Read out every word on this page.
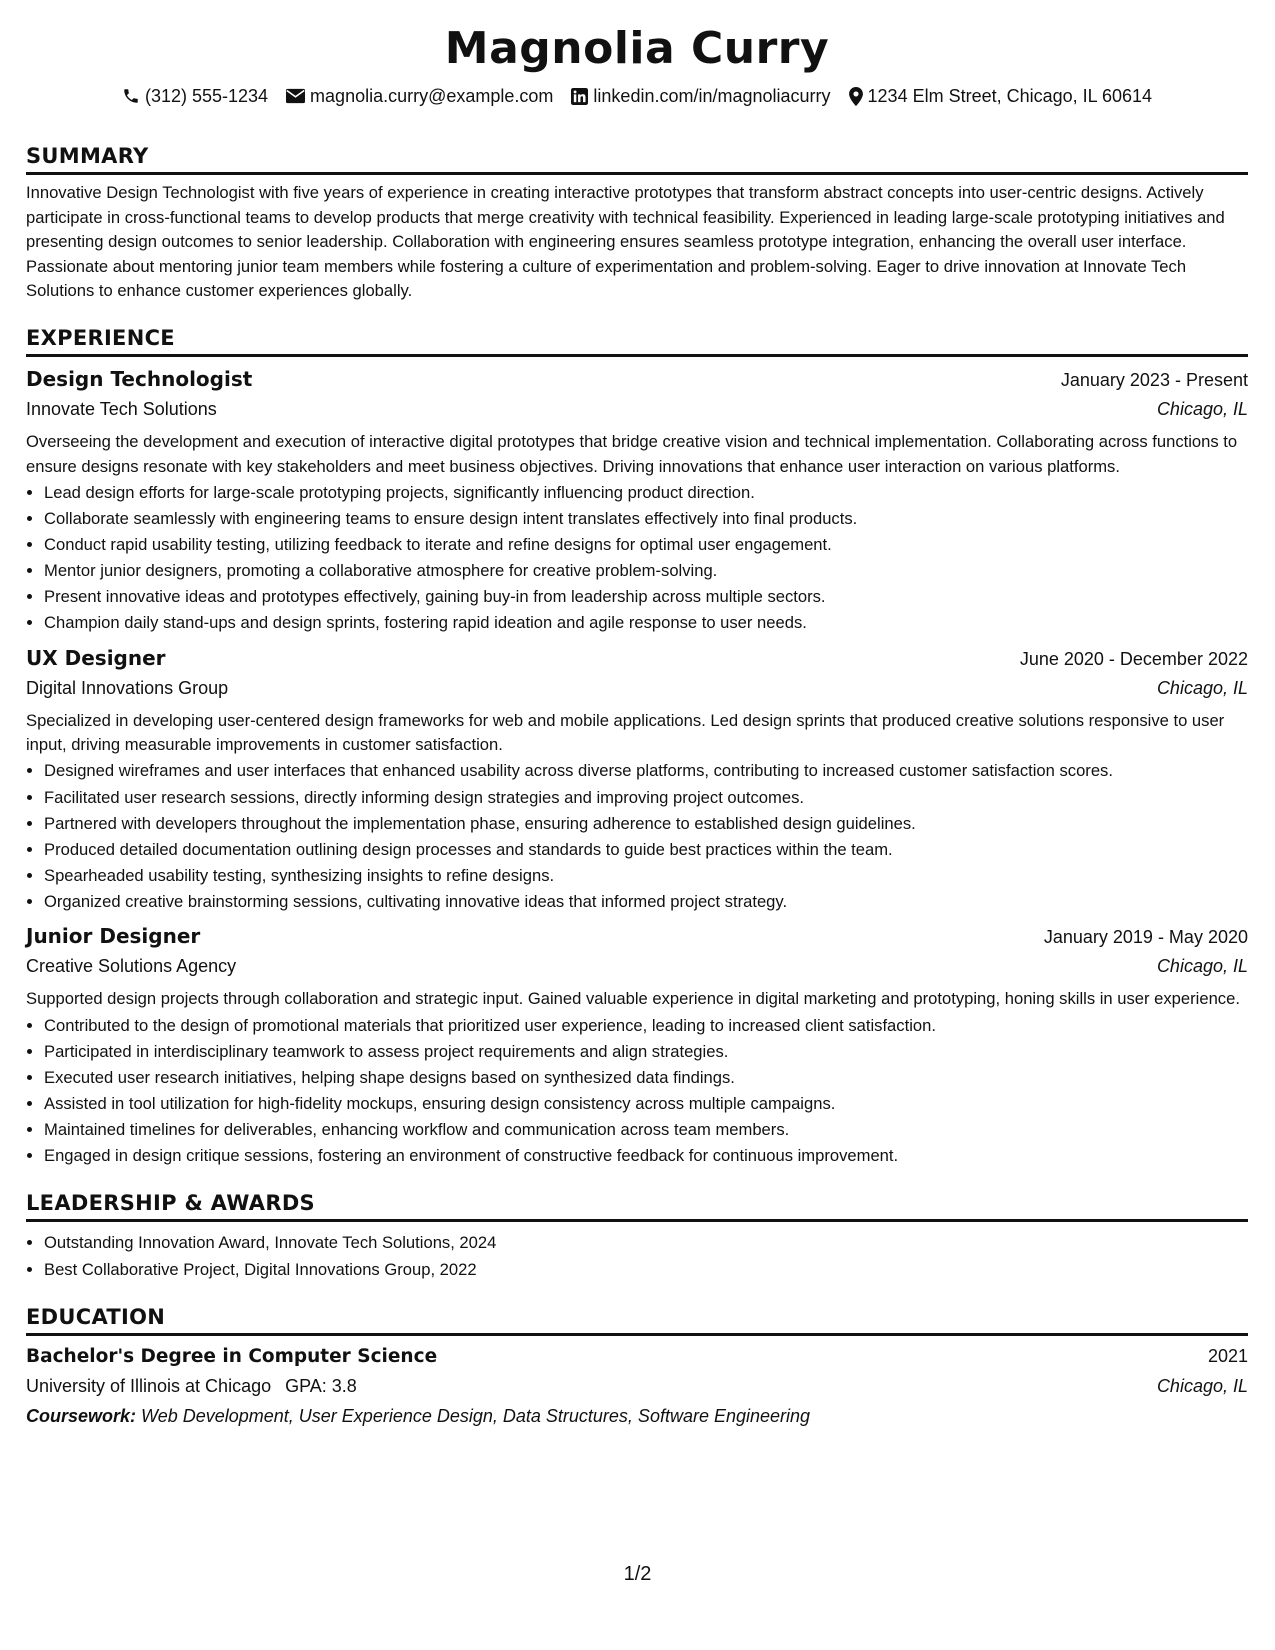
Magnolia Curry
(312) 555-1234 magnolia.curry@example.com linkedin.com/in/magnoliacurry 1234 Elm Street, Chicago, IL 60614
SUMMARY
Innovative Design Technologist with five years of experience in creating interactive prototypes that transform abstract concepts into user-centric designs. Actively participate in cross-functional teams to develop products that merge creativity with technical feasibility. Experienced in leading large-scale prototyping initiatives and presenting design outcomes to senior leadership. Collaboration with engineering ensures seamless prototype integration, enhancing the overall user interface. Passionate about mentoring junior team members while fostering a culture of experimentation and problem-solving. Eager to drive innovation at Innovate Tech Solutions to enhance customer experiences globally.
EXPERIENCE
Design Technologist	January 2023 - Present
Innovate Tech Solutions	Chicago, IL
Overseeing the development and execution of interactive digital prototypes that bridge creative vision and technical implementation. Collaborating across functions to ensure designs resonate with key stakeholders and meet business objectives. Driving innovations that enhance user interaction on various platforms.
• Lead design efforts for large-scale prototyping projects, significantly influencing product direction.
• Collaborate seamlessly with engineering teams to ensure design intent translates effectively into final products.
• Conduct rapid usability testing, utilizing feedback to iterate and refine designs for optimal user engagement.
• Mentor junior designers, promoting a collaborative atmosphere for creative problem-solving.
• Present innovative ideas and prototypes effectively, gaining buy-in from leadership across multiple sectors.
• Champion daily stand-ups and design sprints, fostering rapid ideation and agile response to user needs.
UX Designer	June 2020 - December 2022
Digital Innovations Group	Chicago, IL
Specialized in developing user-centered design frameworks for web and mobile applications. Led design sprints that produced creative solutions responsive to user input, driving measurable improvements in customer satisfaction.
• Designed wireframes and user interfaces that enhanced usability across diverse platforms, contributing to increased customer satisfaction scores.
• Facilitated user research sessions, directly informing design strategies and improving project outcomes.
• Partnered with developers throughout the implementation phase, ensuring adherence to established design guidelines.
• Produced detailed documentation outlining design processes and standards to guide best practices within the team.
• Spearheaded usability testing, synthesizing insights to refine designs.
• Organized creative brainstorming sessions, cultivating innovative ideas that informed project strategy.
Junior Designer	January 2019 - May 2020
Creative Solutions Agency	Chicago, IL
Supported design projects through collaboration and strategic input. Gained valuable experience in digital marketing and prototyping, honing skills in user experience.
• Contributed to the design of promotional materials that prioritized user experience, leading to increased client satisfaction.
• Participated in interdisciplinary teamwork to assess project requirements and align strategies.
• Executed user research initiatives, helping shape designs based on synthesized data findings.
• Assisted in tool utilization for high-fidelity mockups, ensuring design consistency across multiple campaigns.
• Maintained timelines for deliverables, enhancing workflow and communication across team members.
• Engaged in design critique sessions, fostering an environment of constructive feedback for continuous improvement.
LEADERSHIP & AWARDS
• Outstanding Innovation Award, Innovate Tech Solutions, 2024
• Best Collaborative Project, Digital Innovations Group, 2022
EDUCATION
Bachelor's Degree in Computer Science	2021
University of Illinois at Chicago GPA: 3.8	Chicago, IL
Coursework: Web Development, User Experience Design, Data Structures, Software Engineering
1/2
